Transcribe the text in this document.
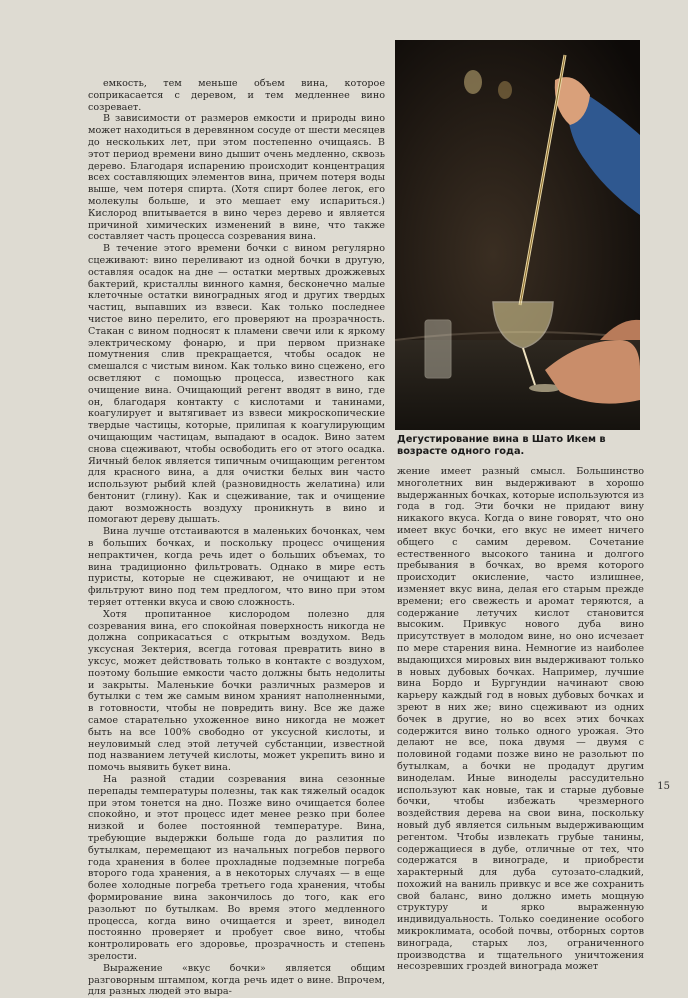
емкость, тем меньше объем вина, которое соприкасается с деревом, и тем медленнее вино созревает.

В зависимости от размеров емкости и природы вино может находиться в деревянном сосуде от шести месяцев до нескольких лет, при этом постепенно очищаясь. В этот период времени вино дышит очень медленно, сквозь дерево. Благодаря испарению происходит концентрация всех составляющих элементов вина, причем потеря воды выше, чем потеря спирта. (Хотя спирт более легок, его молекулы больше, и это мешает ему испариться.) Кислород впитывается в вино через дерево и является причиной химических изменений в вине, что также составляет часть процесса созревания вина.

В течение этого времени бочки с вином регулярно сцеживают: вино переливают из одной бочки в другую, оставляя осадок на дне — остатки мертвых дрожжевых бактерий, кристаллы винного камня, бесконечно малые клеточные остатки виноградных ягод и других твердых частиц, выпавших из взвеси. Как только последнее чистое вино перелито, его проверяют на прозрачность. Стакан с вином подносят к пламени свечи или к яркому электрическому фонарю, и при первом признаке помутнения слив прекращается, чтобы осадок не смешался с чистым вином. Как только вино сцежено, его осветляют с помощью процесса, известного как очищение вина. Очищающий регент вводят в вино, где он, благодаря контакту с кислотами и танинами, коагулирует и вытягивает из взвеси микроскопические твердые частицы, которые, прилипая к коагулирующим очищающим частицам, выпадают в осадок. Вино затем снова сцеживают, чтобы освободить его от этого осадка. Яичный белок является типичным очищающим регентом для красного вина, а для очистки белых вин часто используют рыбий клей (разновидность желатина) или бентонит (глину). Как и сцеживание, так и очищение дают возможность воздуху проникнуть в вино и помогают дереву дышать.

Вина лучше отстаиваются в маленьких бочонках, чем в больших бочках, и поскольку процесс очищения непрактичен, когда речь идет о больших объемах, то вина традиционно фильтровать. Однако в мире есть пуристы, которые не сцеживают, не очищают и не фильтруют вино под тем предлогом, что вино при этом теряет оттенки вкуса и свою сложность.

Хотя пропитанное кислородом полезно для созревания вина, его спокойная поверхность никогда не должна соприкасаться с открытым воздухом. Ведь уксусная Зектерия, всегда готовая превратить вино в уксус, может действовать только в контакте с воздухом, поэтому большие емкости часто должны быть недолиты и закрыты. Маленькие бочки различных размеров и бутылки с тем же самым вином храният наполненными, в готовности, чтобы не повредить вину. Все же даже самое старательно ухоженное вино никогда не может быть на все 100% свободно от уксусной кислоты, и неуловимый след этой летучей субстанции, известной под названием летучей кислоты, может укрепить вино и помочь выявить букет вина.

На разной стадии созревания вина сезонные перепады температуры полезны, так как тяжелый осадок при этом тонется на дно. Позже вино очищается более спокойно, и этот процесс идет менее резко при более низкой и более постоянной температуре. Вина, требующие выдержки больше года до разлития по бутылкам, перемещают из начальных погребов первого года хранения в более прохладные подземные погреба второго года хранения, а в некоторых случаях — в еще более холодные погреба третьего года хранения, чтобы формирование вина закончилось до того, как его разольют по бутылкам. Во время этого медленного процесса, когда вино очищается и зреет, винодел постоянно проверяет и пробует свое вино, чтобы контролировать его здоровье, прозрачность и степень зрелости.

Выражение «вкус бочки» является общим разговорным штампом, когда речь идет о вине. Впрочем, для разных людей это выра-

Дегустирование вина в Шато Икем в возрасте одного года.

жение имеет разный смысл. Большинство многолетних вин выдерживают в хорошо выдержанных бочках, которые используются из года в год. Эти бочки не придают вину никакого вкуса. Когда о вине говорят, что оно имеет вкус бочки, его вкус не имеет ничего общего с самим деревом. Сочетание естественного высокого танина и долгого пребывания в бочках, во время которого происходит окисление, часто излишнее, изменяет вкус вина, делая его старым прежде времени; его свежесть и аромат теряются, а содержание летучих кислот становится высоким. Привкус нового дуба вино присутствует в молодом вине, но оно исчезает по мере старения вина. Немногие из наиболее выдающихся мировых вин выдерживают только в новых дубовых бочках. Например, лучшие вина Бордо и Бургундии начинают свою карьеру каждый год в новых дубовых бочках и зреют в них же; вино сцеживают из одних бочек в другие, но во всех этих бочках содержится вино только одного урожая. Это делают не все, пока двумя — двумя с половиной годами позже вино не разольют по бутылкам, а бочки не продадут другим виноделам. Иные виноделы рассудительно используют как новые, так и старые дубовые бочки, чтобы избежать чрезмерного воздействия дерева на свои вина, поскольку новый дуб является сильным выдерживающим регентом. Чтобы извлекать грубые танины, содержащиеся в дубе, отличные от тех, что содержатся в винограде, и приобрести характерный для дуба сутозато-сладкий, похожий на ваниль привкус и все же сохранить свой баланс, вино должно иметь мощную структуру и ярко выраженную индивидуальность. Только соединение особого микроклимата, особой почвы, отборных сортов винограда, старых лоз, ограниченного производства и тщательного уничтожения несозревших гроздей винограда может

15
